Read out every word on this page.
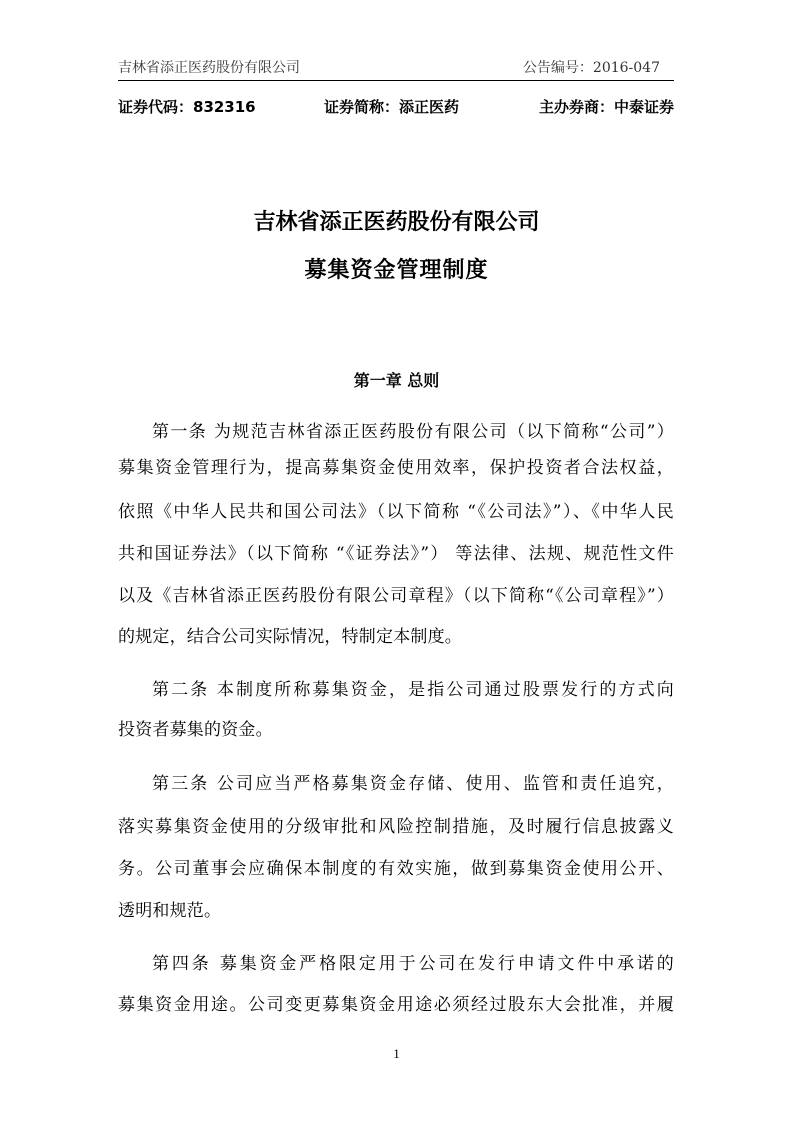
吉林省添正医药股份有限公司	公告编号：2016-047
证券代码：832316	证券简称：添正医药	主办券商：中泰证券
吉林省添正医药股份有限公司
募集资金管理制度
第一章 总则
第一条 为规范吉林省添正医药股份有限公司（以下简称“公司”）
募集资金管理行为，提高募集资金使用效率，保护投资者合法权益，
依照《中华人民共和国公司法》（以下简称 “《公司法》”）、《中华人民
共和国证券法》（以下简称 “《证券法》”） 等法律、法规、规范性文件
以及《吉林省添正医药股份有限公司章程》（以下简称“《公司章程》”）
的规定，结合公司实际情况，特制定本制度。
第二条 本制度所称募集资金，是指公司通过股票发行的方式向
投资者募集的资金。
第三条 公司应当严格募集资金存储、使用、监管和责任追究，
落实募集资金使用的分级审批和风险控制措施，及时履行信息披露义
务。公司董事会应确保本制度的有效实施，做到募集资金使用公开、
透明和规范。
第四条 募集资金严格限定用于公司在发行申请文件中承诺的
募集资金用途。公司变更募集资金用途必须经过股东大会批准，并履
1
